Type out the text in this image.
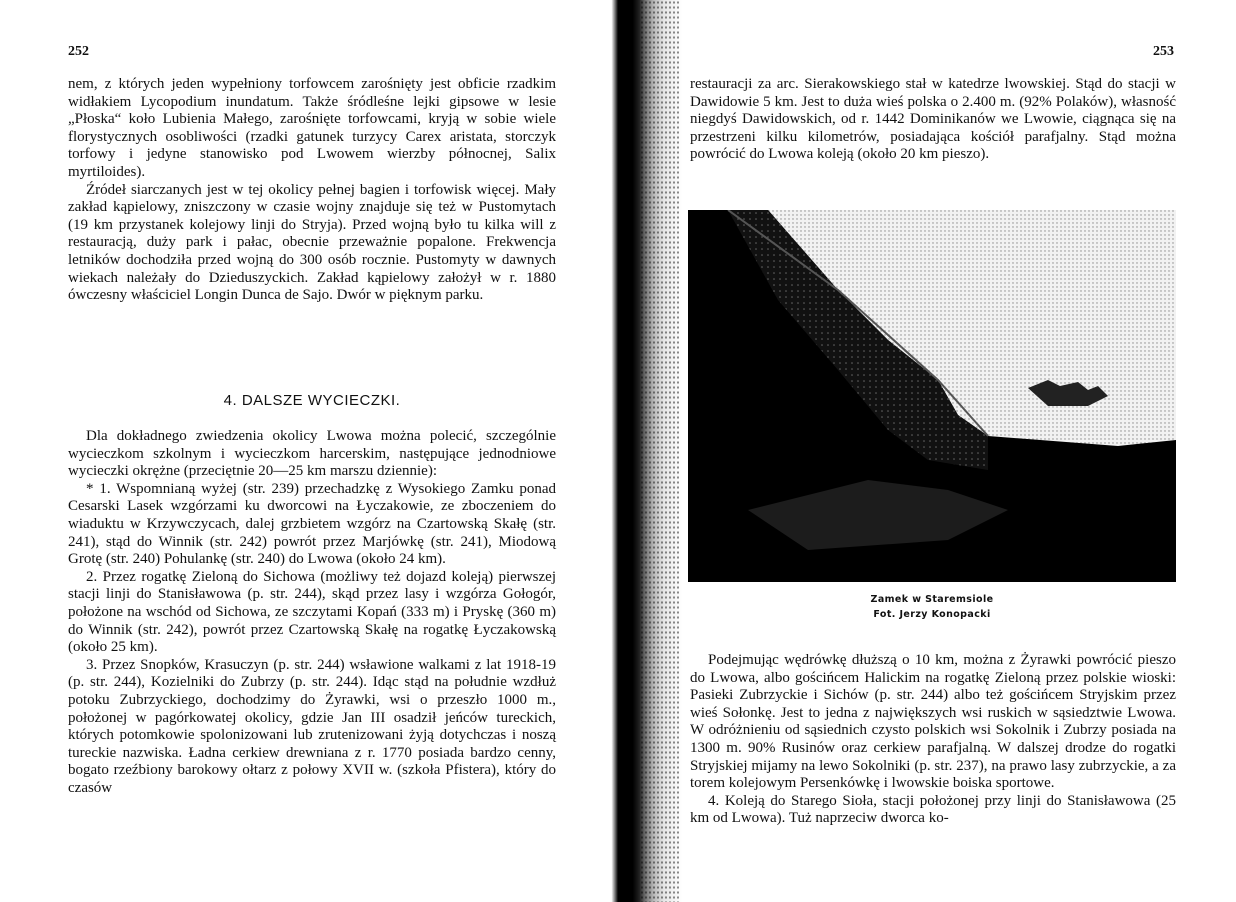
252	253

nem, z których jeden wypełniony torfowcem zarośnięty jest obficie rzadkim widłakiem Lycopodium inundatum. Także śródleśne lejki gipsowe w lesie „Płoska“ koło Lubienia Małego, zarośnięte torfowcami, kryją w sobie wiele florystycznych osobliwości (rzadki gatunek turzycy Carex aristata, storczyk torfowy i jedyne stanowisko pod Lwowem wierzby północnej, Salix myrtiloides).

Źródeł siarczanych jest w tej okolicy pełnej bagien i torfowisk więcej. Mały zakład kąpielowy, zniszczony w czasie wojny znajduje się też w Pustomytach (19 km przystanek kolejowy linji do Stryja). Przed wojną było tu kilka will z restauracją, duży park i pałac, obecnie przeważnie popalone. Frekwencja letników dochodziła przed wojną do 300 osób rocznie. Pustomyty w dawnych wiekach należały do Dzieduszyckich. Zakład kąpielowy założył w r. 1880 ówczesny właściciel Longin Dunca de Sajo. Dwór w pięknym parku.

4. DALSZE WYCIECZKI.

Dla dokładnego zwiedzenia okolicy Lwowa można polecić, szczególnie wycieczkom szkolnym i wycieczkom harcerskim, następujące jednodniowe wycieczki okrężne (przeciętnie 20—25 km marszu dziennie):

* 1. Wspomnianą wyżej (str. 239) przechadzkę z Wysokiego Zamku ponad Cesarski Lasek wzgórzami ku dworcowi na Łyczakowie, ze zboczeniem do wiaduktu w Krzywczycach, dalej grzbietem wzgórz na Czartowską Skałę (str. 241), stąd do Winnik (str. 242) powrót przez Marjówkę (str. 241), Miodową Grotę (str. 240) Pohulankę (str. 240) do Lwowa (około 24 km).

2. Przez rogatkę Zieloną do Sichowa (możliwy też dojazd koleją) pierwszej stacji linji do Stanisławowa (p. str. 244), skąd przez lasy i wzgórza Gołogór, położone na wschód od Sichowa, ze szczytami Kopań (333 m) i Pryskę (360 m) do Winnik (str. 242), powrót przez Czartowską Skałę na rogatkę Łyczakowską (około 25 km).

3. Przez Snopków, Krasuczyn (p. str. 244) wsławione walkami z lat 1918-19 (p. str. 244), Kozielniki do Zubrzy (p. str. 244). Idąc stąd na południe wzdłuż potoku Zubrzyckiego, dochodzimy do Żyrawki, wsi o przeszło 1000 m., położonej w pagórkowatej okolicy, gdzie Jan III osadził jeńców tureckich, których potomkowie spolonizowani lub zrutenizowani żyją dotychczas i noszą tureckie nazwiska. Ładna cerkiew drewniana z r. 1770 posiada bardzo cenny, bogato rzeźbiony barokowy ołtarz z połowy XVII w. (szkoła Pfistera), który do czasów

restauracji za arc. Sierakowskiego stał w katedrze lwowskiej. Stąd do stacji w Dawidowie 5 km. Jest to duża wieś polska o 2.400 m. (92% Polaków), własność niegdyś Dawidowskich, od r. 1442 Dominikanów we Lwowie, ciągnąca się na przestrzeni kilku kilometrów, posiadająca kościół parafjalny. Stąd można powrócić do Lwowa koleją (około 20 km pieszo).

Zamek w Staremsiole
Fot. Jerzy Konopacki

Podejmując wędrówkę dłuższą o 10 km, można z Żyrawki powrócić pieszo do Lwowa, albo gościńcem Halickim na rogatkę Zieloną przez polskie wioski: Pasieki Zubrzyckie i Sichów (p. str. 244) albo też gościńcem Stryjskim przez wieś Sołonkę. Jest to jedna z największych wsi ruskich w sąsiedztwie Lwowa. W odróżnieniu od sąsiednich czysto polskich wsi Sokolnik i Zubrzy posiada na 1300 m. 90% Rusinów oraz cerkiew parafjalną. W dalszej drodze do rogatki Stryjskiej mijamy na lewo Sokolniki (p. str. 237), na prawo lasy zubrzyckie, a za torem kolejowym Persenkówkę i lwowskie boiska sportowe.

4. Koleją do Starego Sioła, stacji położonej przy linji do Stanisławowa (25 km od Lwowa). Tuż naprzeciw dworca ko-
